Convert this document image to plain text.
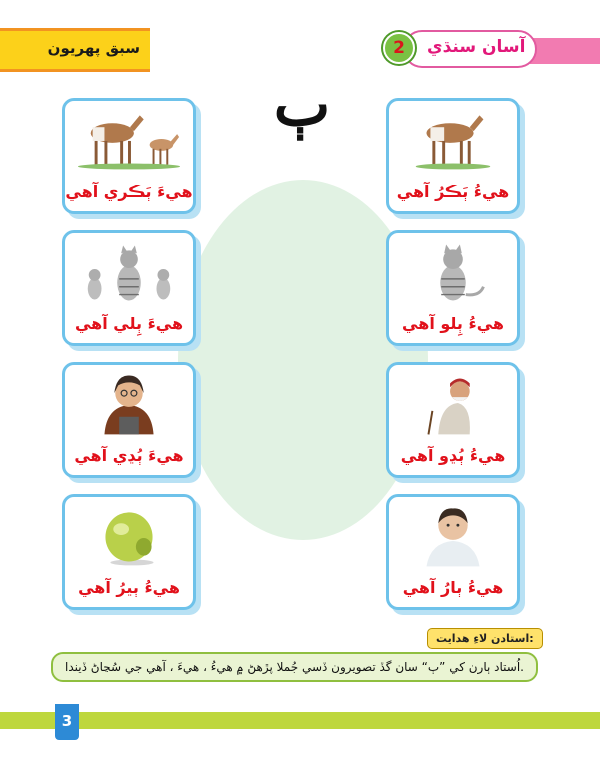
سبق پهريون	آسان سنڌي
2
ٻ
هيءَ ٻَڪري آهي
هيءَ ٻِلي آهي
هيءَ ٻُڍي آهي
هيءُ ٻيرُ آهي
هيءُ ٻَڪرُ آهي
هيءُ ٻِلو آهي
هيءُ ٻُڍو آهي
هيءُ ٻارُ آهي
استادن لاءِ هدايت:
اُستاد ٻارن کي ”ٻ“ سان گڏ تصويرون ڏسي جُملا پڙهڻ ۾ هيءُ ، هيءَ ، آهي جي سُڃاڻ ڏيندا.
3
